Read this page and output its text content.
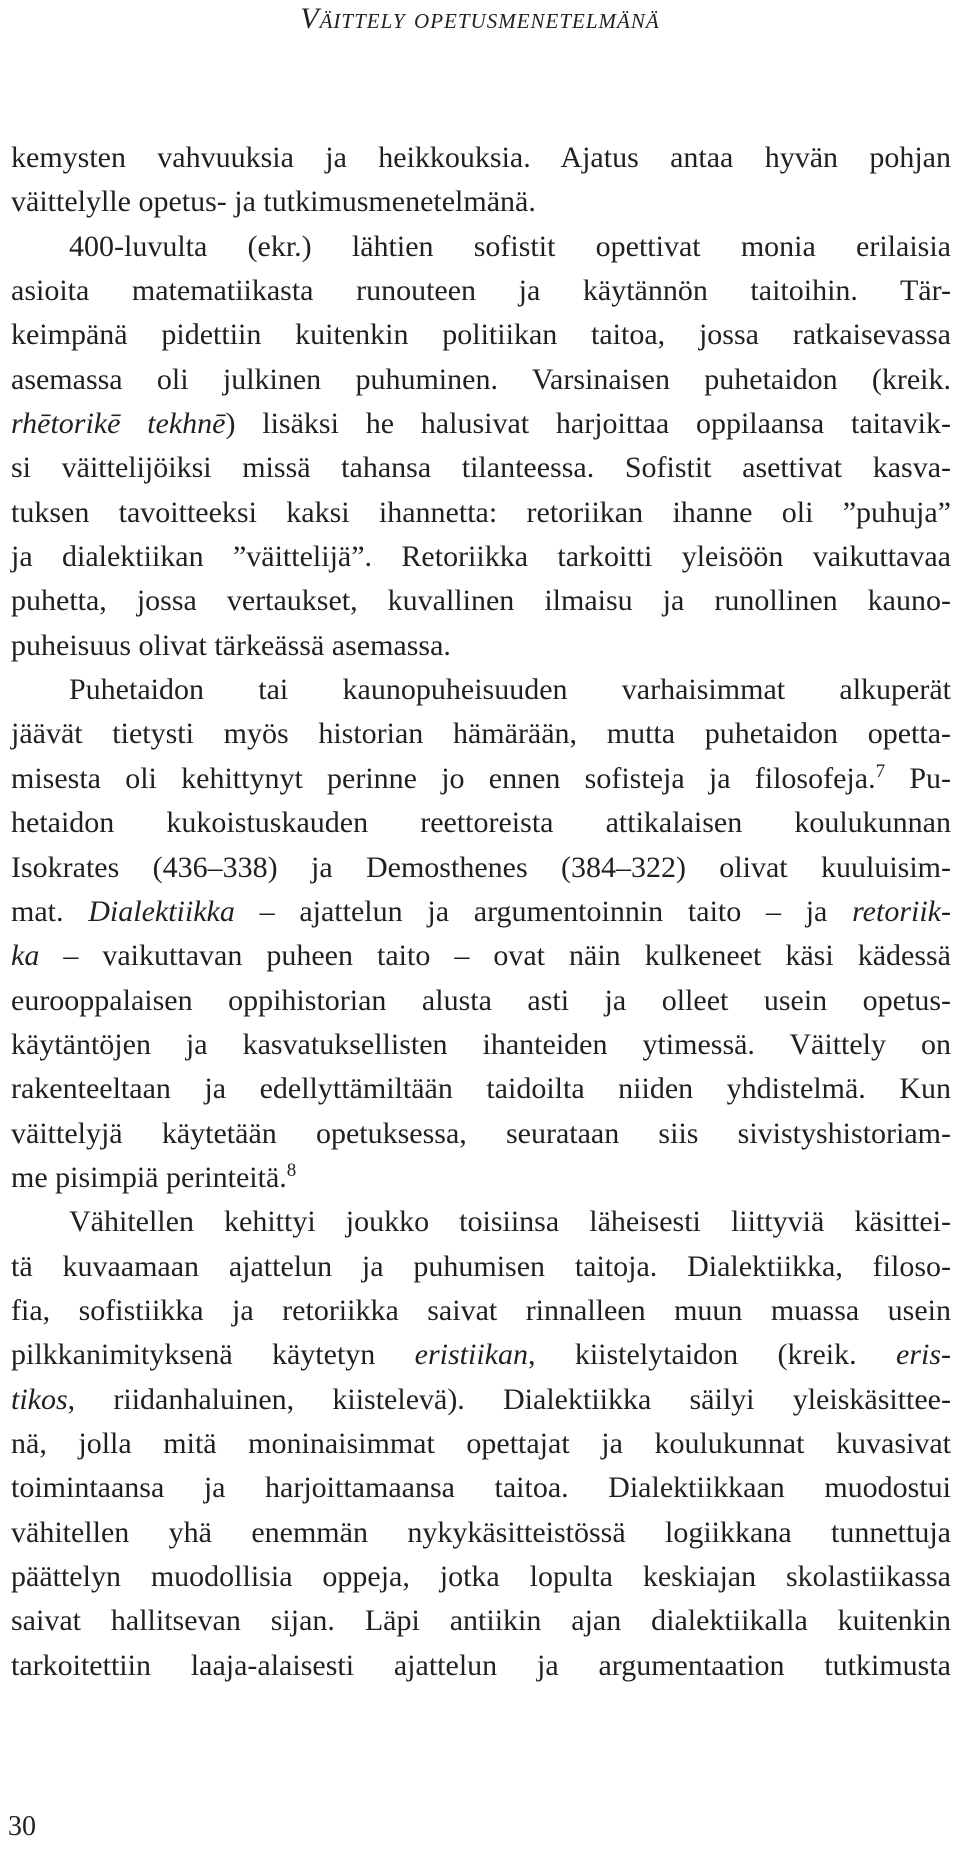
Väittely opetusmenetelmänä
kemysten vahvuuksia ja heikkouksia. Ajatus antaa hyvän pohjan
väittelylle opetus- ja tutkimusmenetelmänä.
400-luvulta (ekr.) lähtien sofistit opettivat monia erilaisia
asioita matematiikasta runouteen ja käytännön taitoihin. Tär-
keimpänä pidettiin kuitenkin politiikan taitoa, jossa ratkaisevassa
asemassa oli julkinen puhuminen. Varsinaisen puhetaidon (kreik.
rhētorikē tekhnē) lisäksi he halusivat harjoittaa oppilaansa taitavik-
si väittelijöiksi missä tahansa tilanteessa. Sofistit asettivat kasva-
tuksen tavoitteeksi kaksi ihannetta: retoriikan ihanne oli ”puhuja”
ja dialektiikan ”väittelijä”. Retoriikka tarkoitti yleisöön vaikuttavaa
puhetta, jossa vertaukset, kuvallinen ilmaisu ja runollinen kauno-
puheisuus olivat tärkeässä asemassa.
Puhetaidon tai kaunopuheisuuden varhaisimmat alkuperät
jäävät tietysti myös historian hämärään, mutta puhetaidon opetta-
misesta oli kehittynyt perinne jo ennen sofisteja ja filosofeja.$^7$ Pu-
hetaidon kukoistuskauden reettoreista attikalaisen koulukunnan
Isokrates (436–338) ja Demosthenes (384–322) olivat kuuluisim-
mat. Dialektiikka – ajattelun ja argumentoinnin taito – ja retoriik-
ka – vaikuttavan puheen taito – ovat näin kulkeneet käsi kädessä
eurooppalaisen oppihistorian alusta asti ja olleet usein opetus-
käytäntöjen ja kasvatuksellisten ihanteiden ytimessä. Väittely on
rakenteeltaan ja edellyttämiltään taidoilta niiden yhdistelmä. Kun
väittelyjä käytetään opetuksessa, seurataan siis sivistyshistoriam-
me pisimpiä perinteitä.$^8$
Vähitellen kehittyi joukko toisiinsa läheisesti liittyviä käsittei-
tä kuvaamaan ajattelun ja puhumisen taitoja. Dialektiikka, filoso-
fia, sofistiikka ja retoriikka saivat rinnalleen muun muassa usein
pilkkanimityksenä käytetyn eristiikan, kiistelytaidon (kreik. eris-
tikos, riidanhaluinen, kiistelevä). Dialektiikka säilyi yleiskäsittee-
nä, jolla mitä moninaisimmat opettajat ja koulukunnat kuvasivat
toimintaansa ja harjoittamaansa taitoa. Dialektiikkaan muodostui
vähitellen yhä enemmän nykykäsitteistössä logiikkana tunnettuja
päättelyn muodollisia oppeja, jotka lopulta keskiajan skolastiikassa
saivat hallitsevan sijan. Läpi antiikin ajan dialektiikalla kuitenkin
tarkoitettiin laaja-alaisesti ajattelun ja argumentaation tutkimusta
30
